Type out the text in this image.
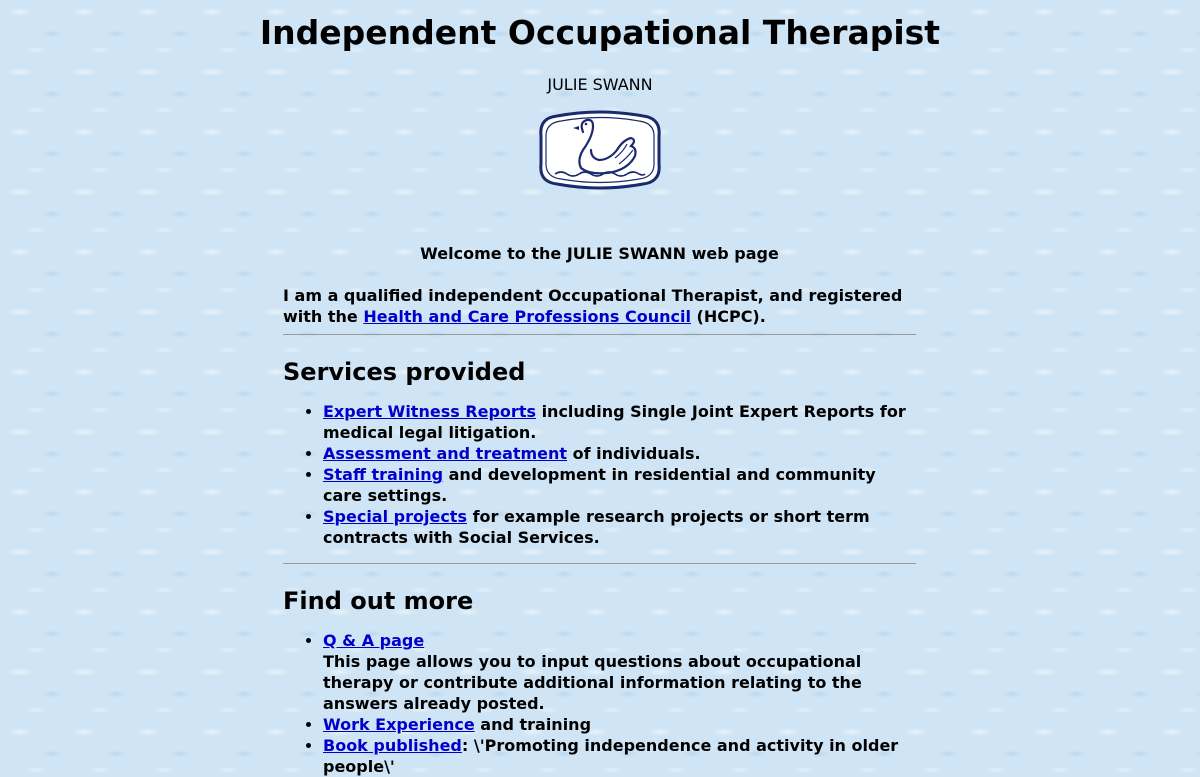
Independent Occupational Therapist
JULIE SWANN

Welcome to the JULIE SWANN web page

I am a qualified independent Occupational Therapist, and registered with the Health and Care Professions Council (HCPC).

Services provided
• Expert Witness Reports including Single Joint Expert Reports for medical legal litigation.
• Assessment and treatment of individuals.
• Staff training and development in residential and community care settings.
• Special projects for example research projects or short term contracts with Social Services.
Find out more
• Q & A page
This page allows you to input questions about occupational therapy or contribute additional information relating to the answers already posted.
• Work Experience and training
• Book published: \'Promoting independence and activity in older people\'
